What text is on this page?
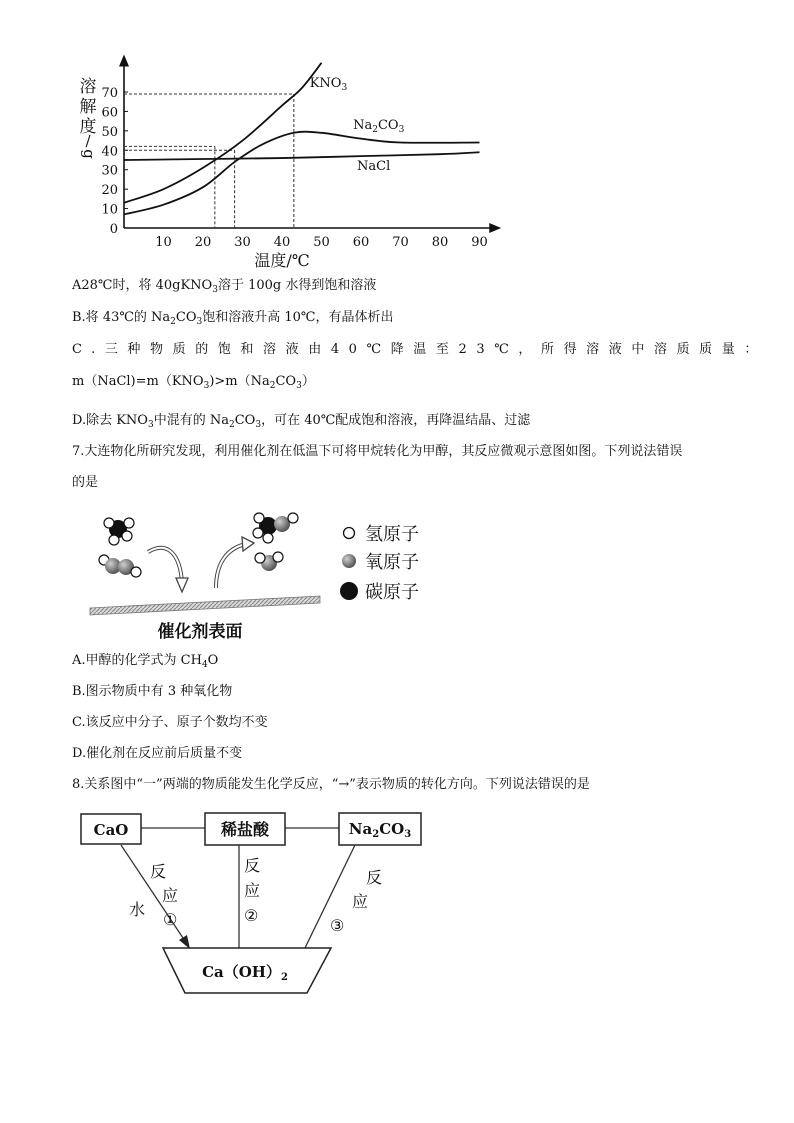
溶
解
度
/
g
0
10
20
30
40
50
60
70
10 20 30 40 50 60 70 80 90
温度/℃
$KNO_3$
$Na_2CO_3$
NaCl
A28℃时，将 40gKNO$_3$溶于 100g 水得到饱和溶液
B.将 43℃的 $Na_2CO_3$饱和溶液升高 10℃，有晶体析出
C.三种物质的饱和溶液由40℃降温至23℃，所得溶液中溶质质量：
$m(NaCl)=m(KNO_3)>m(Na_2CO_3)$
D.除去 $KNO_3$中混有的 $Na_2CO_3$，可在 40℃配成饱和溶液，再降温结晶、过滤
7.大连物化所研究发现，利用催化剂在低温下可将甲烷转化为甲醇，其反应微观示意图如图。下列说法错误
的是
催化剂表面
氢原子
氧原子
碳原子
A.甲醇的化学式为 $CH_4O$
B.图示物质中有 3 种氧化物
C.该反应中分子、原子个数均不变
D.催化剂在反应前后质量不变
8.关系图中“一”两端的物质能发生化学反应，“→”表示物质的转化方向。下列说法错误的是
CaO	稀盐酸	$Na_2CO_3$
反
应
①
水
反
应
②
反
应
③
$Ca(OH)_2$
